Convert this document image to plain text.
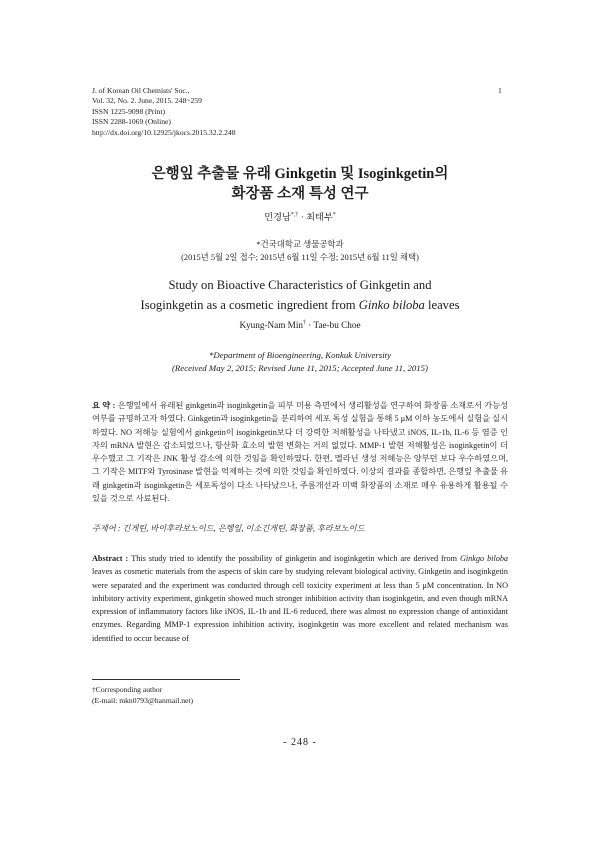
J. of Korean Oil Chemists' Soc.,
Vol. 32, No. 2. June, 2015. 248~259
ISSN 1225-9098 (Print)
ISSN 2288-1069 (Online)
http://dx.doi.org/10.12925/jkocs.2015.32.2.248
1
은행잎 추출물 유래 Ginkgetin 및 Isoginkgetin의
화장품 소재 특성 연구
민경남*,† · 최태부*
*건국대학교 생물공학과
(2015년 5월 2일 접수; 2015년 6월 11일 수정; 2015년 6월 11일 채택)
Study on Bioactive Characteristics of Ginkgetin and
Isoginkgetin as a cosmetic ingredient from Ginko biloba leaves
Kyung-Nam Min† · Tae-bu Choe
*Department of Bioengineering, Konkuk University
(Received May 2, 2015; Revised June 11, 2015; Accepted June 11, 2015)
요 약 : 은행잎에서 유래된 ginkgetin과 isoginkgetin을 피부 미용 측면에서 생리활성을 연구하여 화장품 소재로서 가능성 여부를 규명하고자 하였다. Ginkgetin과 isoginkgetin을 분리하여 세포 독성 실험을 통해 5 μM 이하 농도에서 실험을 실시하였다. NO 저해능 실험에서 ginkgetin이 isoginkgetin보다 더 강력한 저해활성을 나타냈고 iNOS, IL-1b, IL-6 등 염증 인자의 mRNA 발현은 감소되었으나, 항산화 효소의 발현 변화는 거의 없었다. MMP-1 발현 저해활성은 isoginkgetin이 더 우수했고 그 기작은 JNK 활성 감소에 의한 것임을 확인하였다. 한편, 멜라닌 생성 저해능은 양부던 보다 우수하였으며, 그 기작은 MITF와 Tyrosinase 발현을 억제하는 것에 의한 것임을 확인하였다. 이상의 결과를 종합하면, 은행잎 추출물 유래 ginkgetin과 isoginkgetin은 세포독성이 다소 나타났으나, 주름개선과 미백 화장품의 소재로 매우 유용하게 활용될 수 있을 것으로 사료된다.
주제어 : 긴게틴, 바이후라보노이드, 은행잎, 이소긴게틴, 화장품, 후라보노이드
Abstract : This study tried to identify the possibility of ginkgetin and isoginkgetin which are derived from Ginkgo biloba leaves as cosmetic materials from the aspects of skin care by studying relevant biological activity. Ginkgetin and isoginkgetin were separated and the experiment was conducted through cell toxicity experiment at less than 5 μM concentration. In NO inhibitory activity experiment, ginkgetin showed much stronger inhibition activity than isoginkgetin, and even though mRNA expression of inflammatory factors like iNOS, IL-1b and IL-6 reduced, there was almost no expression change of antioxidant enzymes. Regarding MMP-1 expression inhibition activity, isoginkgetin was more excellent and related mechanism was identified to occur because of
†Corresponding author
(E-mail: mkn0793@hanmail.net)
- 248 -
